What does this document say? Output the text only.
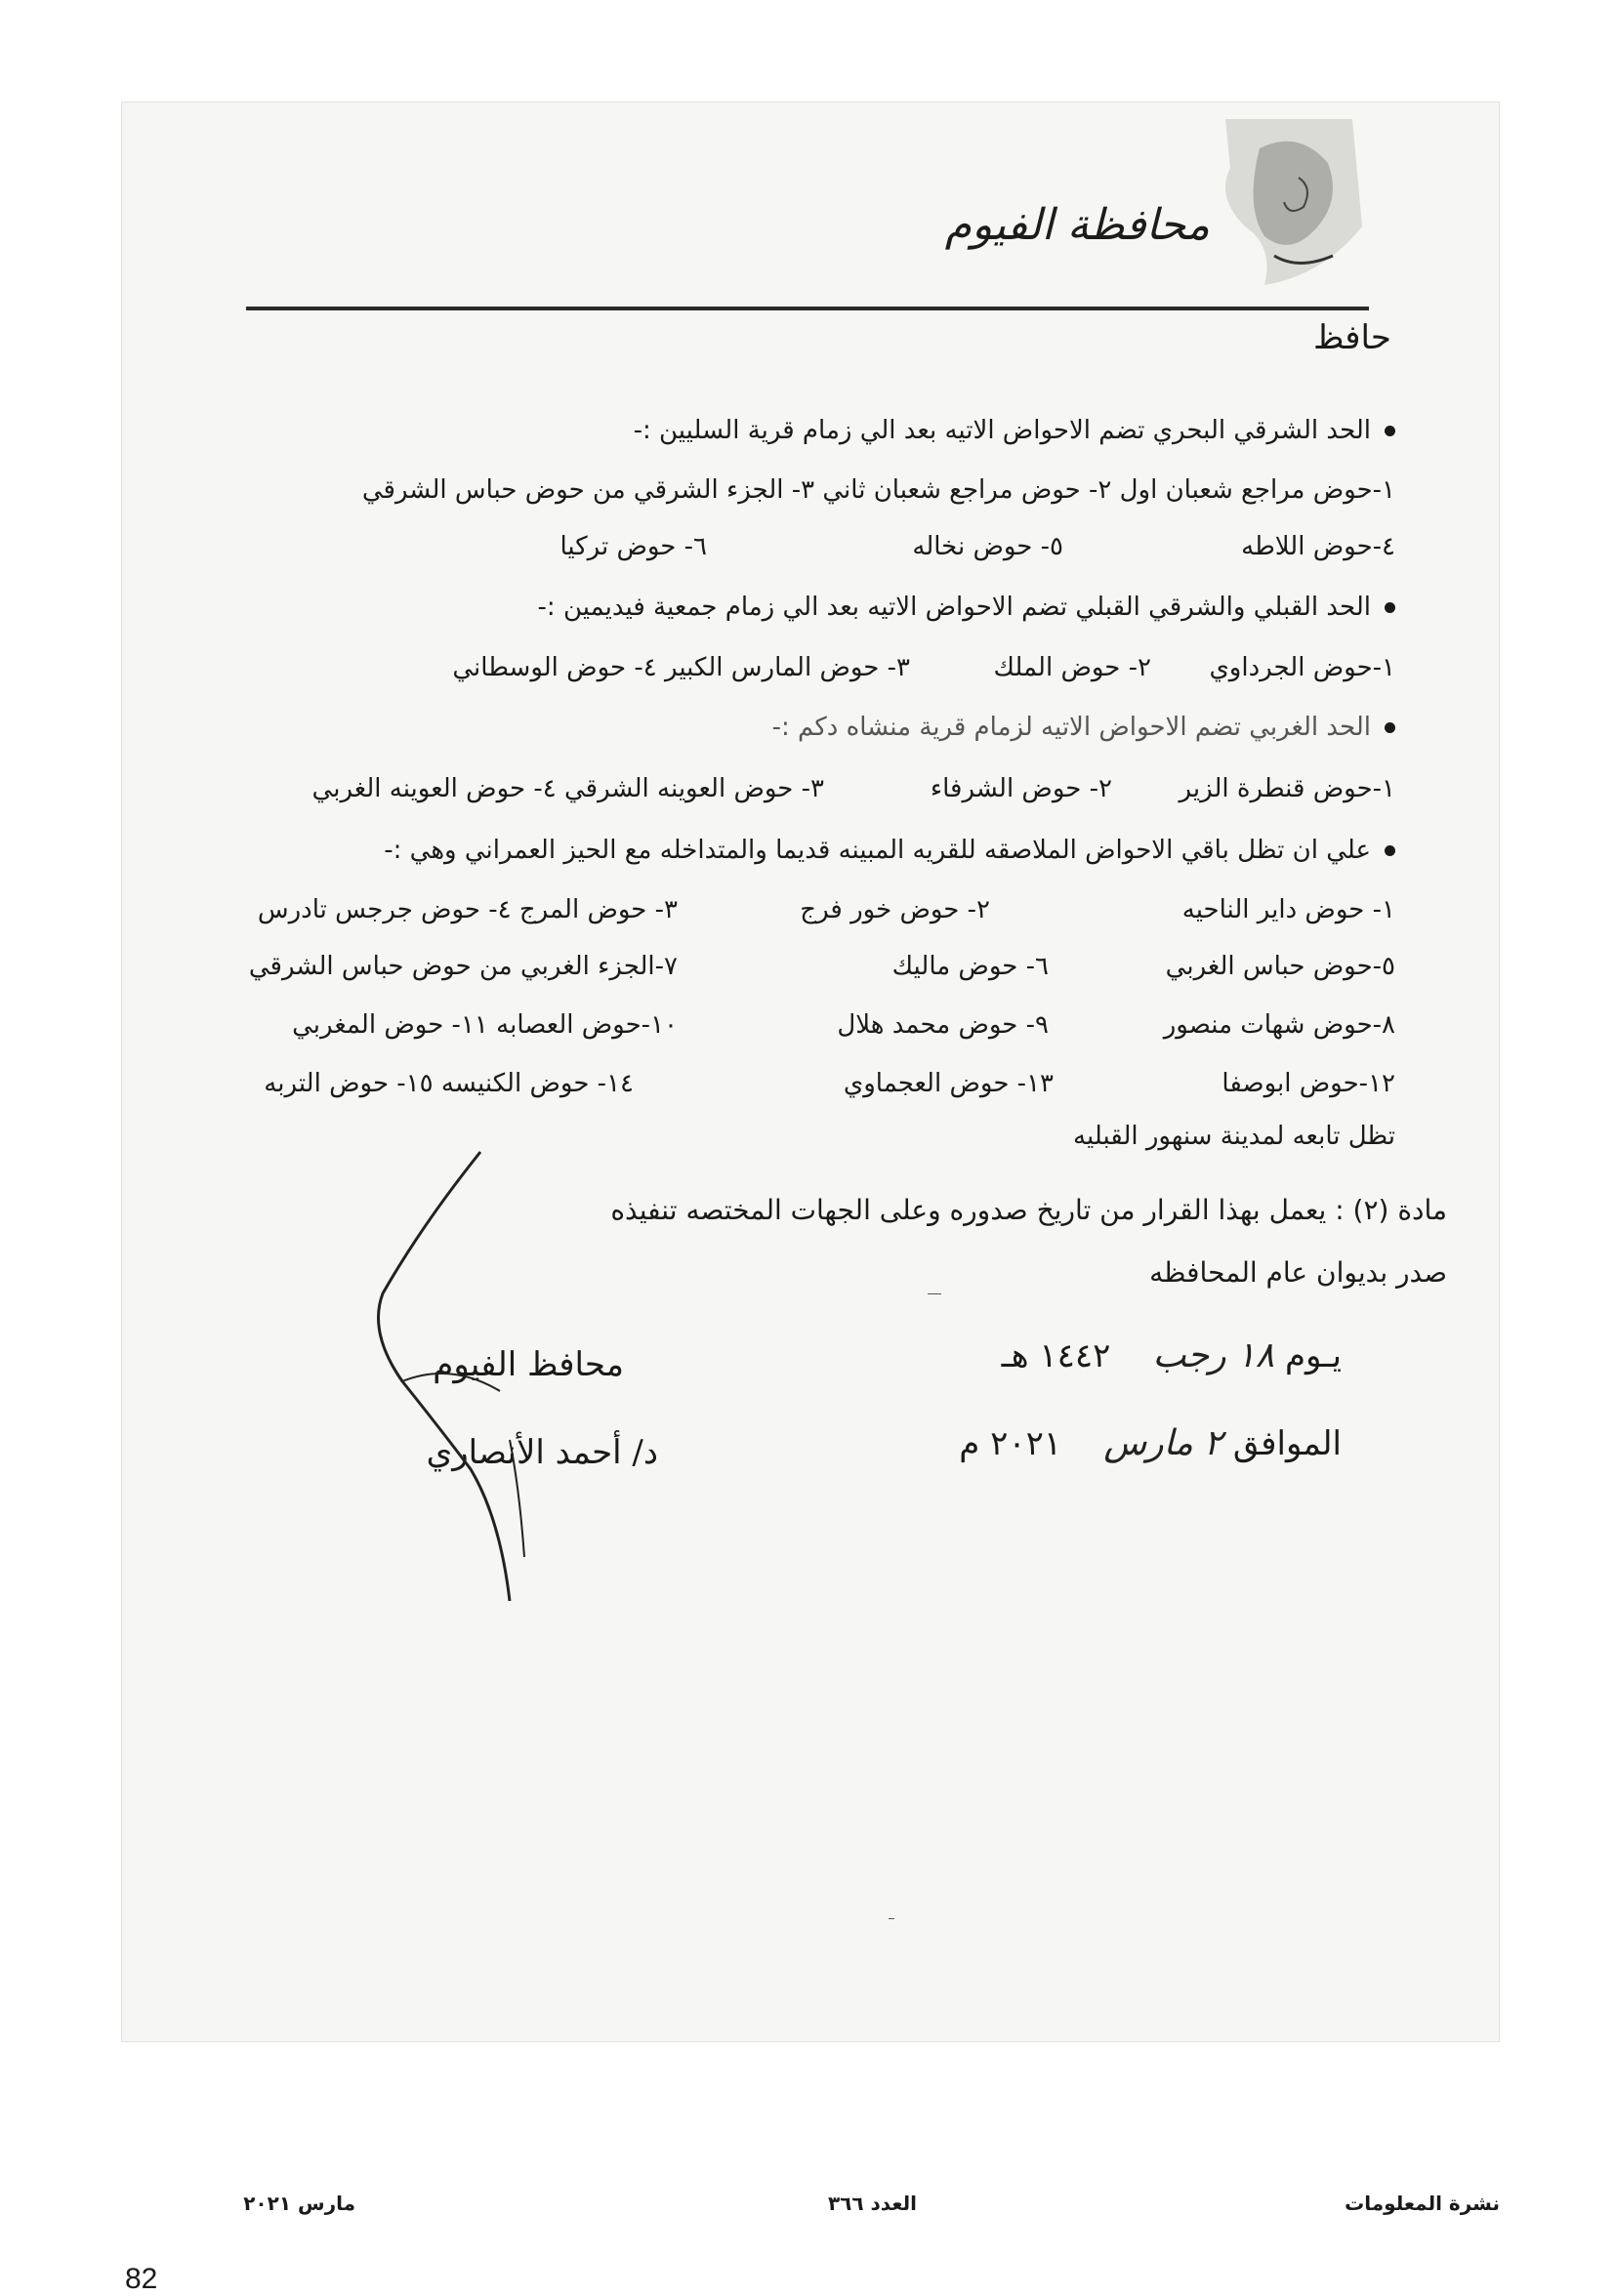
محافظة الفيوم
حافظ
الحد الشرقي البحري تضم الاحواض الاتيه بعد الي زمام قرية السليين :-
١-حوض مراجع شعبان اول ٢- حوض مراجع شعبان ثاني ٣- الجزء الشرقي من حوض حباس الشرقي
٤-حوض اللاطه
٥- حوض نخاله
٦- حوض تركيا
الحد القبلي والشرقي القبلي تضم الاحواض الاتيه بعد الي زمام جمعية فيديمين :-
١-حوض الجرداوي
٢- حوض الملك
٣- حوض المارس الكبير ٤- حوض الوسطاني
الحد الغربي تضم الاحواض الاتيه لزمام قرية منشاه دكم :-
١-حوض قنطرة الزير
٢- حوض الشرفاء
٣- حوض العوينه الشرقي ٤- حوض العوينه الغربي
علي ان تظل باقي الاحواض الملاصقه للقريه المبينه قديما والمتداخله مع الحيز العمراني وهي :-
١- حوض داير الناحيه
٢- حوض خور فرج
٣- حوض المرج ٤- حوض جرجس تادرس
٥-حوض حباس الغربي
٦- حوض ماليك
٧-الجزء الغربي من حوض حباس الشرقي
٨-حوض شهات منصور
٩- حوض محمد هلال
١٠-حوض العصابه ١١- حوض المغربي
١٢-حوض ابوصفا
١٣- حوض العجماوي
١٤- حوض الكنيسه ١٥- حوض التربه
تظل تابعه لمدينة سنهور القبليه
مادة (٢) : يعمل بهذا القرار من تاريخ صدوره وعلى الجهات المختصه تنفيذه
صدر بديوان عام المحافظه
يـوم ١٨ رجب    ١٤٤٢ هـ
الموافق ٢ مارس    ٢٠٢١ م
محافظ الفيوم
د/ أحمد الأنصاري
نشرة المعلومات
العدد ٣٦٦
مارس ٢٠٢١
82
